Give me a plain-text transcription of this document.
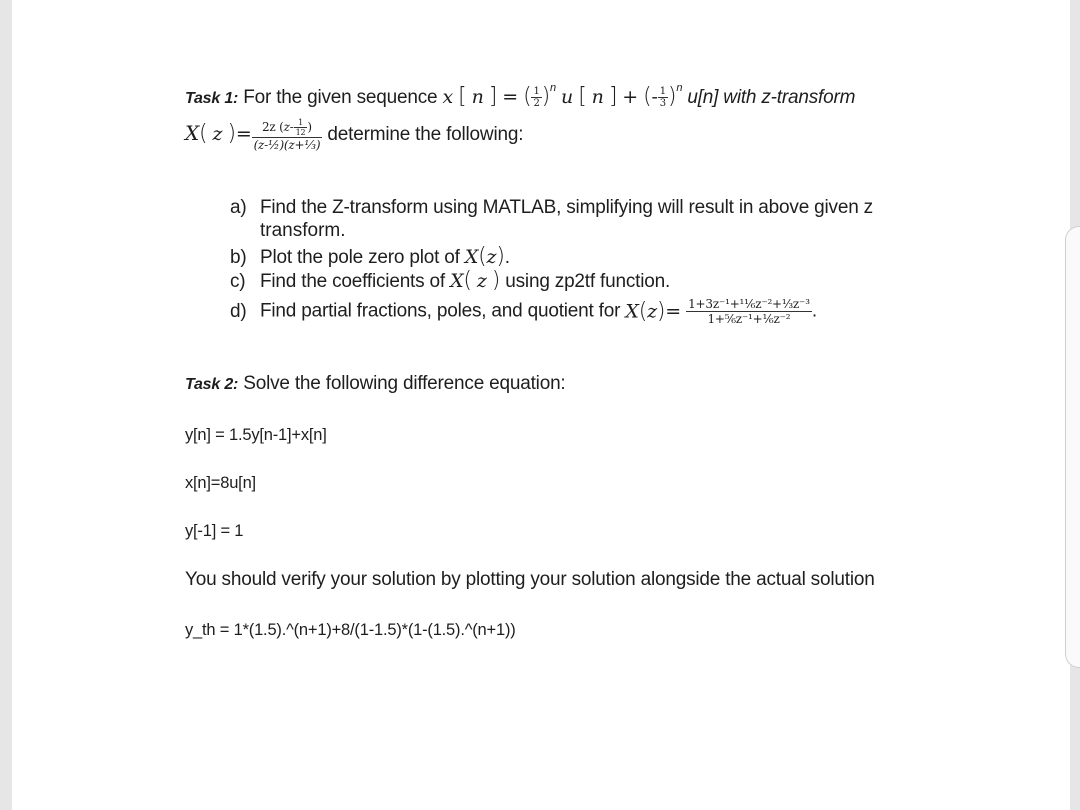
Task 1: For the given sequence x [ n ] = ( $\frac{1}{2} )^n$ u [ n ] + (- $\frac{1}{3} )^n$ u[n] with z-transform
X( z )= $\frac{2z (z- \frac{1}{12} )}{\text{(z-½)(z+⅓)}}$ determine the following:
a) Find the Z-transform using MATLAB, simplifying will result in above given z
transform.
b) Plot the pole zero plot of X(z).
c) Find the coefficients of X( z ) using zp2tf function.
d) Find partial fractions, poles, and quotient for $X(z)= \frac{\text{1+3z⁻¹+¹¹⁄₆z⁻²+¹⁄₃z⁻³}}{\text{1+⁵⁄₆z⁻¹+¹⁄₆z⁻²}}$ .
Task 2: Solve the following difference equation:
y[n] = 1.5y[n-1]+x[n]
x[n]=8u[n]
y[-1] = 1
You should verify your solution by plotting your solution alongside the actual solution
y_th = 1*(1.5).^(n+1)+8/(1-1.5)*(1-(1.5).^(n+1))
